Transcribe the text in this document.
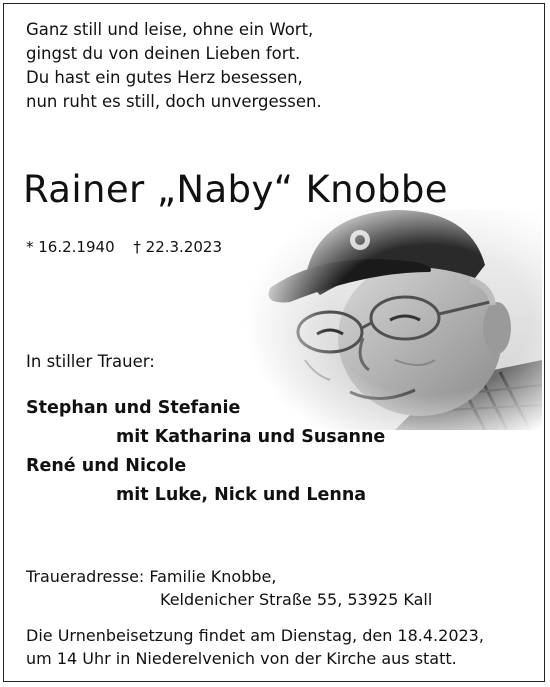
Ganz still und leise, ohne ein Wort,
gingst du von deinen Lieben fort.
Du hast ein gutes Herz besessen,
nun ruht es still, doch unvergessen.
Rainer „Naby“ Knobbe
* 16.2.1940 † 22.3.2023
In stiller Trauer:
Stephan und Stefanie
mit Katharina und Susanne
René und Nicole
mit Luke, Nick und Lenna
Traueradresse: Familie Knobbe,
Keldenicher Straße 55, 53925 Kall
Die Urnenbeisetzung findet am Dienstag, den 18.4.2023,
um 14 Uhr in Niederelvenich von der Kirche aus statt.
